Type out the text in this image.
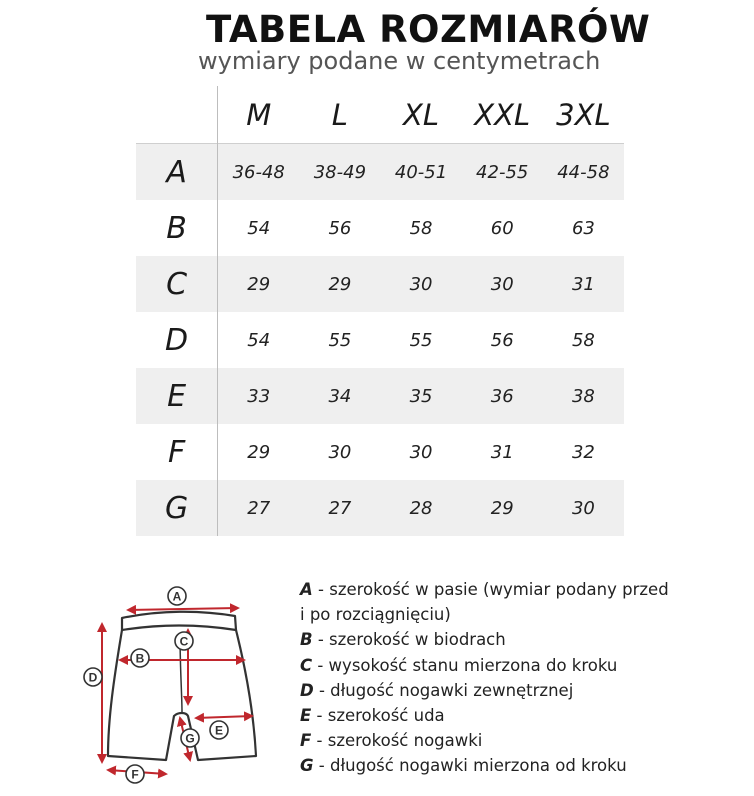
TABELA ROZMIARÓW
wymiary podane w centymetrach
	M	L	XL	XXL	3XL
A	36-48	38-49	40-51	42-55	44-58
B	54	56	58	60	63
C	29	29	30	30	31
D	54	55	55	56	58
E	33	34	35	36	38
F	29	30	30	31	32
G	27	27	28	29	30
A
B
C
D
E
F
G
A - szerokość w pasie (wymiar podany przed
i po rozciągnięciu)
B - szerokość w biodrach
C - wysokość stanu mierzona do kroku
D - długość nogawki zewnętrznej
E - szerokość uda
F - szerokość nogawki
G - długość nogawki mierzona od kroku
